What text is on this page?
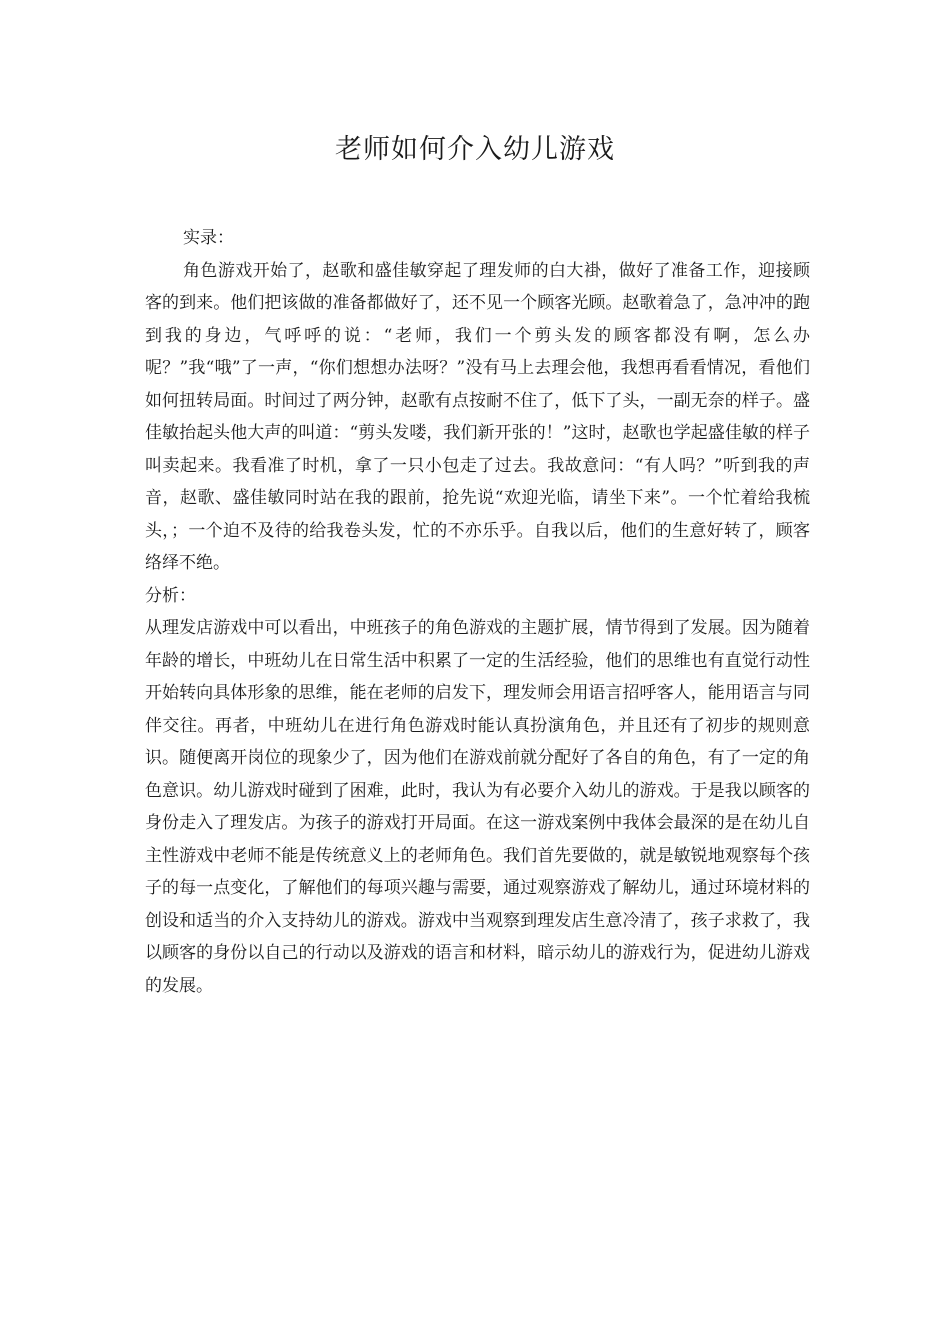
老师如何介入幼儿游戏

实录：

角色游戏开始了，赵歌和盛佳敏穿起了理发师的白大褂，做好了准备工作，迎接顾客的到来。他们把该做的准备都做好了，还不见一个顾客光顾。赵歌着急了，急冲冲的跑到我的身边，气呼呼的说：“老师，我们一个剪头发的顾客都没有啊，怎么办呢？”我“哦”了一声，“你们想想办法呀？”没有马上去理会他，我想再看看情况，看他们如何扭转局面。时间过了两分钟，赵歌有点按耐不住了，低下了头，一副无奈的样子。盛佳敏抬起头他大声的叫道：“剪头发喽，我们新开张的！”这时，赵歌也学起盛佳敏的样子叫卖起来。我看准了时机，拿了一只小包走了过去。我故意问：“有人吗？”听到我的声音，赵歌、盛佳敏同时站在我的跟前，抢先说“欢迎光临，请坐下来”。一个忙着给我梳头，；一个迫不及待的给我卷头发，忙的不亦乐乎。自我以后，他们的生意好转了，顾客络绎不绝。

分析：

从理发店游戏中可以看出，中班孩子的角色游戏的主题扩展，情节得到了发展。因为随着年龄的增长，中班幼儿在日常生活中积累了一定的生活经验，他们的思维也有直觉行动性开始转向具体形象的思维，能在老师的启发下，理发师会用语言招呼客人，能用语言与同伴交往。再者，中班幼儿在进行角色游戏时能认真扮演角色，并且还有了初步的规则意识。随便离开岗位的现象少了，因为他们在游戏前就分配好了各自的角色，有了一定的角色意识。幼儿游戏时碰到了困难，此时，我认为有必要介入幼儿的游戏。于是我以顾客的身份走入了理发店。为孩子的游戏打开局面。在这一游戏案例中我体会最深的是在幼儿自主性游戏中老师不能是传统意义上的老师角色。我们首先要做的，就是敏锐地观察每个孩子的每一点变化，了解他们的每项兴趣与需要，通过观察游戏了解幼儿，通过环境材料的创设和适当的介入支持幼儿的游戏。游戏中当观察到理发店生意冷清了，孩子求救了，我以顾客的身份以自己的行动以及游戏的语言和材料，暗示幼儿的游戏行为，促进幼儿游戏的发展。
